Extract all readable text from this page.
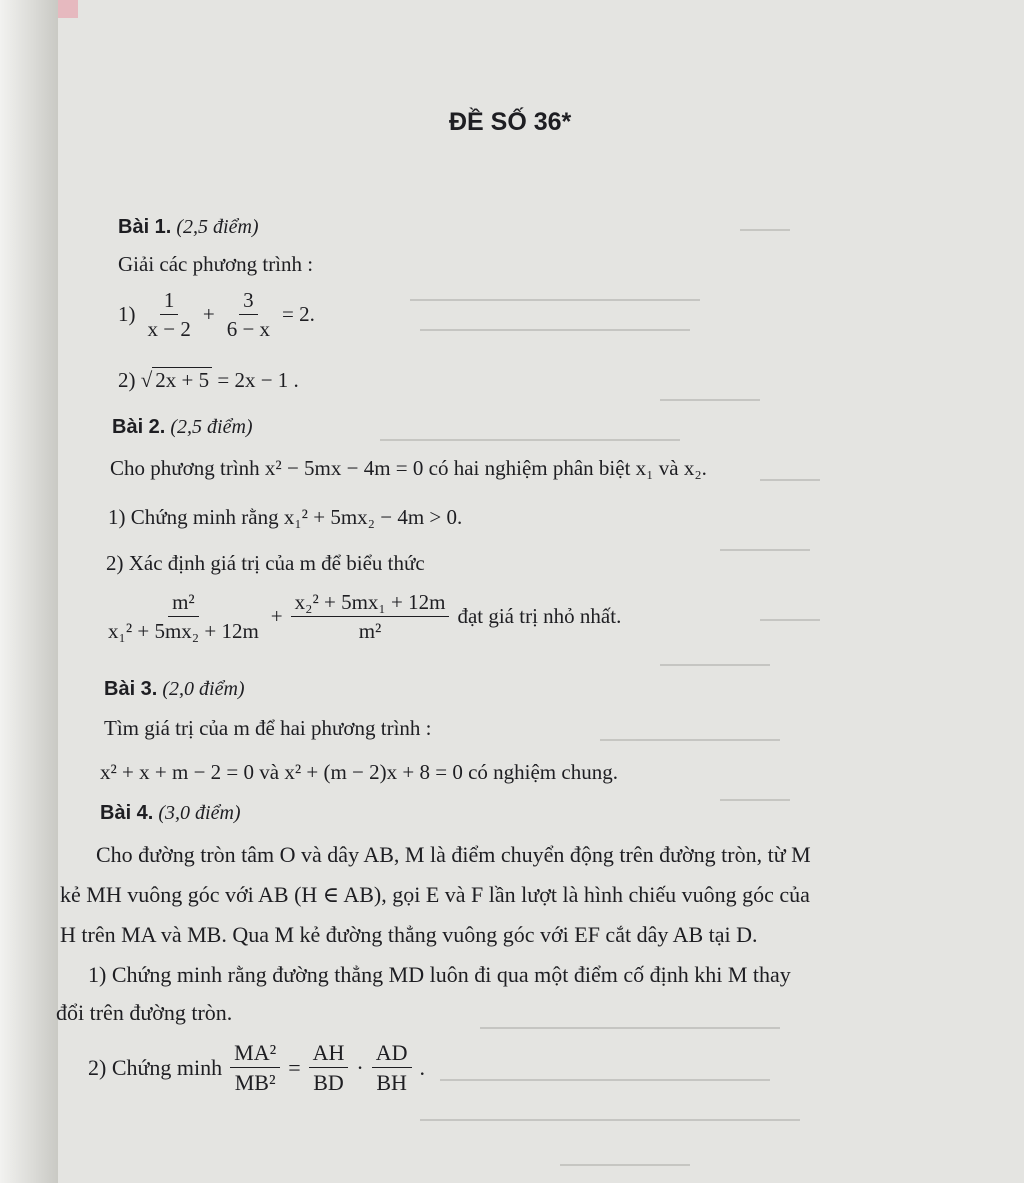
ĐỀ SỐ 36*
Bài 1. (2,5 điểm)
Giải các phương trình :
$1) \frac{1}{x - 2} + \frac{3}{6 - x} = 2$.
2) √ 2x + 5 = 2x − 1 .
Bài 2. (2,5 điểm)
Cho phương trình x² − 5mx − 4m = 0 có hai nghiệm phân biệt x₁ và x₂.
1) Chứng minh rằng x₁² + 5mx₂ − 4m > 0.
2) Xác định giá trị của m để biểu thức
$\frac{\text{m²}}{\text{x₁² + 5mx₂ + 12m}} + \frac{\text{x₂² + 5mx₁ + 12m}}{\text{m²}}$ đạt giá trị nhỏ nhất.
Bài 3. (2,0 điểm)
Tìm giá trị của m để hai phương trình :
x² + x + m − 2 = 0 và x² + (m − 2)x + 8 = 0 có nghiệm chung.
Bài 4. (3,0 điểm)
Cho đường tròn tâm O và dây AB, M là điểm chuyển động trên đường tròn, từ M
kẻ MH vuông góc với AB (H ∈ AB), gọi E và F lần lượt là hình chiếu vuông góc của
H trên MA và MB. Qua M kẻ đường thẳng vuông góc với EF cắt dây AB tại D.
1) Chứng minh rằng đường thẳng MD luôn đi qua một điểm cố định khi M thay
đổi trên đường tròn.
2) Chứng minh $\frac{\text{MA²}}{\text{MB²}} = \frac{AH}{BD} \cdot \frac{AD}{BH}$ .
